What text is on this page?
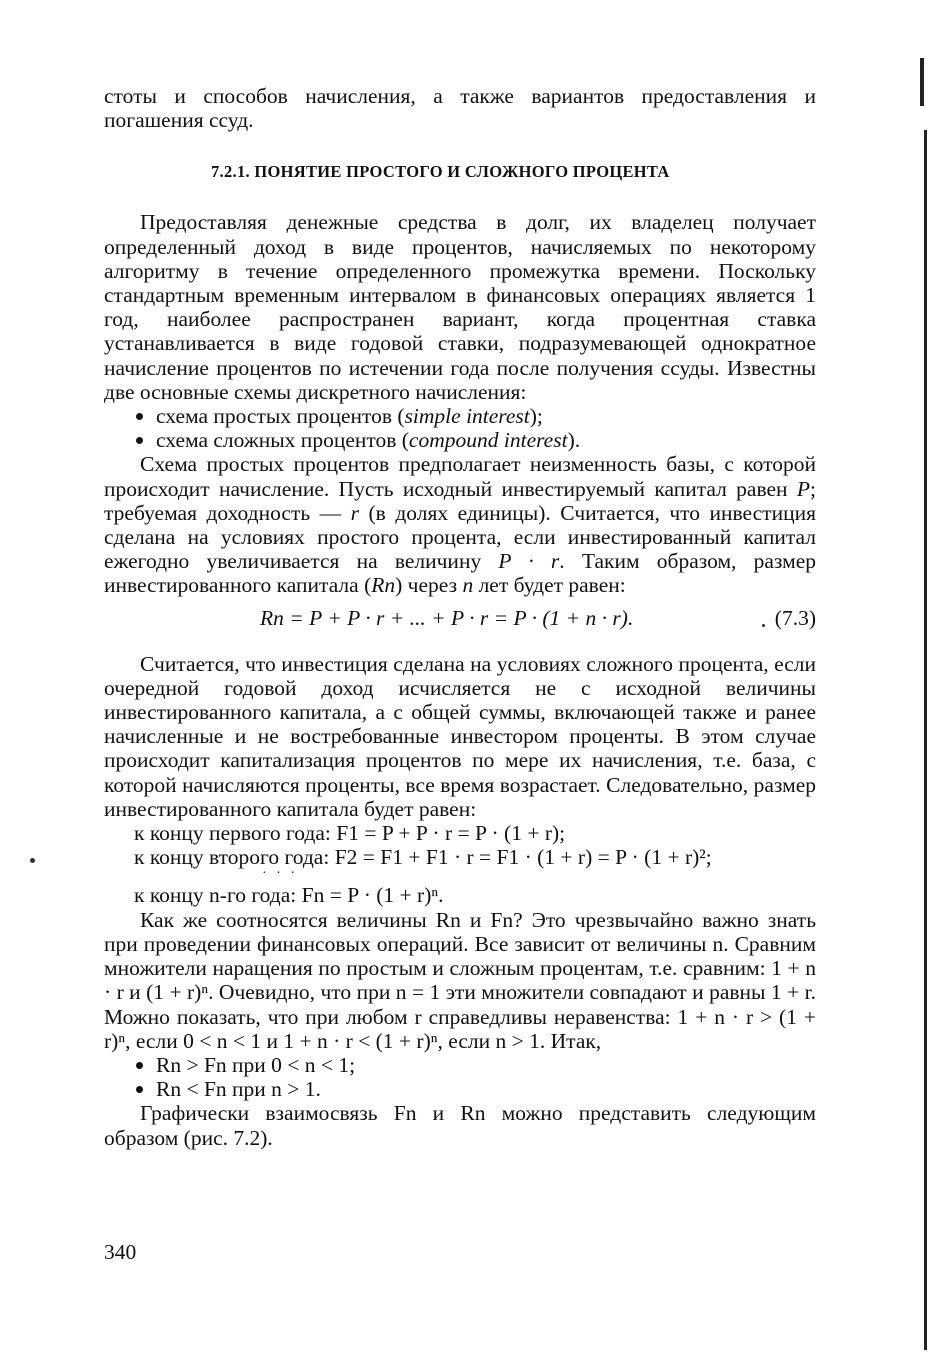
стоты и способов начисления, а также вариантов предоставления и погашения ссуд.

7.2.1. ПОНЯТИЕ ПРОСТОГО И СЛОЖНОГО ПРОЦЕНТА

Предоставляя денежные средства в долг, их владелец получает определенный доход в виде процентов, начисляемых по некоторому алгоритму в течение определенного промежутка времени. Поскольку стандартным временным интервалом в финансовых операциях является 1 год, наиболее распространен вариант, когда процентная ставка устанавливается в виде годовой ставки, подразумевающей однократное начисление процентов по истечении года после получения ссуды. Известны две основные схемы дискретного начисления:

схема простых процентов (simple interest);
схема сложных процентов (compound interest).

Схема простых процентов предполагает неизменность базы, с которой происходит начисление. Пусть исходный инвестируемый капитал равен P; требуемая доходность — r (в долях единицы). Считается, что инвестиция сделана на условиях простого процента, если инвестированный капитал ежегодно увеличивается на величину P · r. Таким образом, размер инвестированного капитала (Rn) через n лет будет равен:

Rn = P + P · r + ... + P · r = P · (1 + n · r).	(7.3)

Считается, что инвестиция сделана на условиях сложного процента, если очередной годовой доход исчисляется не с исходной величины инвестированного капитала, а с общей суммы, включающей также и ранее начисленные и не востребованные инвестором проценты. В этом случае происходит капитализация процентов по мере их начисления, т.е. база, с которой начисляются проценты, все время возрастает. Следовательно, размер инвестированного капитала будет равен:

к концу первого года: F1 = P + P · r = P · (1 + r);
к концу второго года: F2 = F1 + F1 · r = F1 · (1 + r) = P · (1 + r)²;
· · ·
к концу n-го года: Fn = P · (1 + r)ⁿ.

Как же соотносятся величины Rn и Fn? Это чрезвычайно важно знать при проведении финансовых операций. Все зависит от величины n. Сравним множители наращения по простым и сложным процентам, т.е. сравним: 1 + n · r и (1 + r)ⁿ. Очевидно, что при n = 1 эти множители совпадают и равны 1 + r. Можно показать, что при любом r справедливы неравенства: 1 + n · r > (1 + r)ⁿ, если 0 < n < 1 и 1 + n · r < (1 + r)ⁿ, если n > 1. Итак,

Rn > Fn при 0 < n < 1;
Rn < Fn при n > 1.

Графически взаимосвязь Fn и Rn можно представить следующим образом (рис. 7.2).

340
